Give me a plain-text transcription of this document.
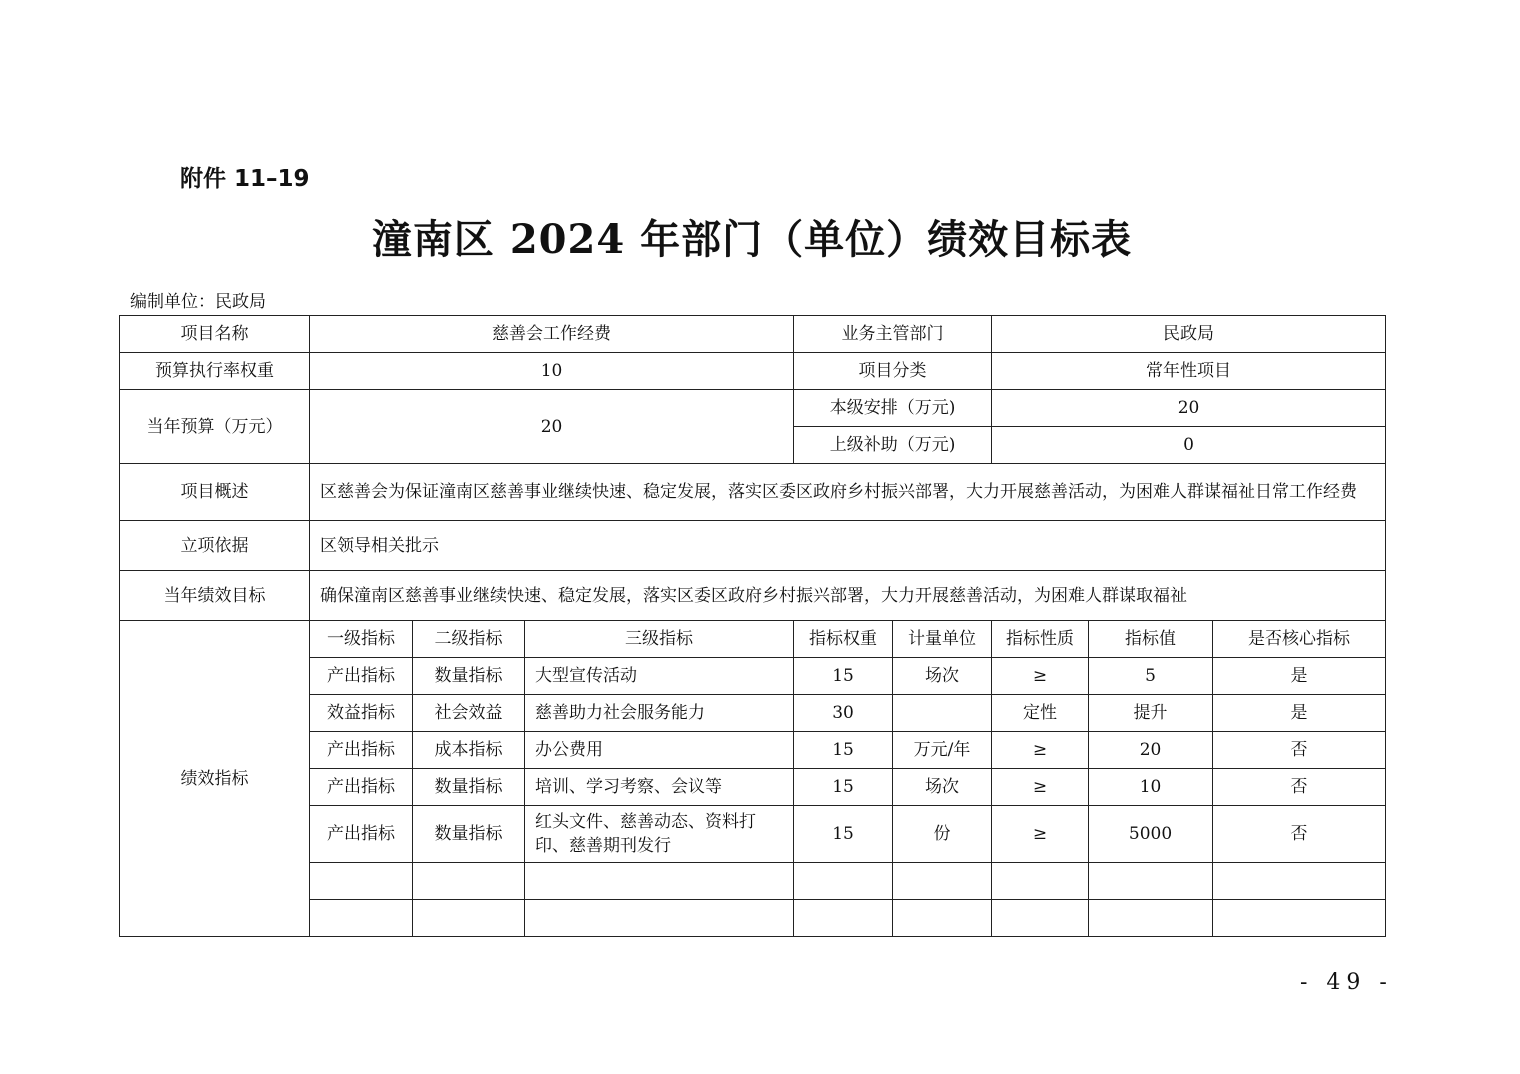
附件 11–19
潼南区 2024 年部门（单位）绩效目标表
编制单位：民政局
项目名称	慈善会工作经费			业务主管部门		民政局		
预算执行率权重	10			项目分类		常年性项目		
当年预算（万元）	20			本级安排（万元)		20		
				上级补助（万元)		0		
项目概述	区慈善会为保证潼南区慈善事业继续快速、稳定发展，落实区委区政府乡村振兴部署，大力开展慈善活动，为困难人群谋福祉日常工作经费							
立项依据	区领导相关批示							
当年绩效目标	确保潼南区慈善事业继续快速、稳定发展，落实区委区政府乡村振兴部署，大力开展慈善活动，为困难人群谋取福祉							
绩效指标	一级指标	二级指标	三级指标	指标权重	计量单位	指标性质	指标值	是否核心指标
	产出指标	数量指标	大型宣传活动	15	场次	≥	5	是
	效益指标	社会效益	慈善助力社会服务能力	30		定性	提升	是
	产出指标	成本指标	办公费用	15	万元/年	≥	20	否
	产出指标	数量指标	培训、学习考察、会议等	15	场次	≥	10	否
	产出指标	数量指标	红头文件、慈善动态、资料打印、慈善期刊发行	15	份	≥	5000	否

- 49 -
